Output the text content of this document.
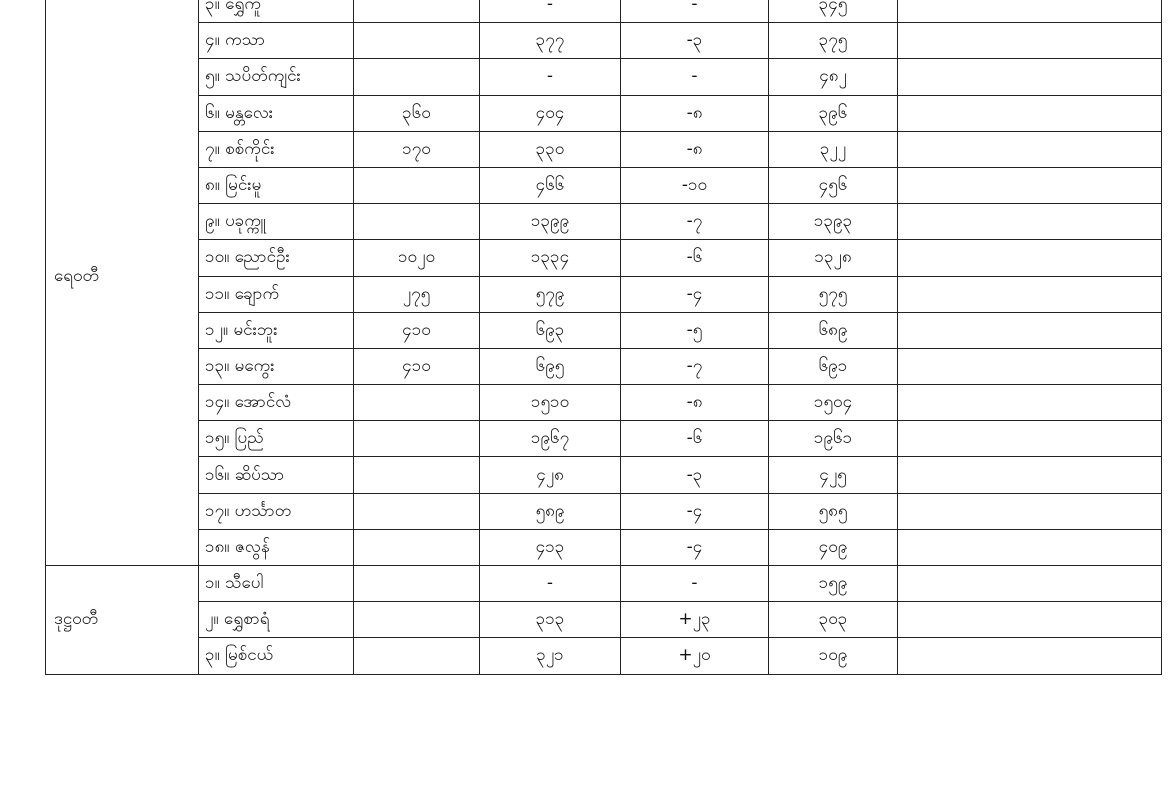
ရေဝတီ	၃။ ရွှေကူ		-	-	၃၄၅	
	၄။ ကသာ		၃၇၇	-၃	၃၇၅	
	၅။ သပိတ်ကျင်း		-	-	၄၈၂	
	၆။ မန္တလေး	၃၆၀	၄၀၄	-၈	၃၉၆	
	၇။ စစ်ကိုင်း	၁၇၀	၃၃၀	-၈	၃၂၂	
	၈။ မြင်းမူ		၄၆၆	-၁၀	၄၅၆	
	၉။ ပခုက္ကူ		၁၃၉၉	-၇	၁၃၉၃	
	၁၀။ ညောင်ဦး	၁၀၂၀	၁၃၃၄	-၆	၁၃၂၈	
	၁၁။ ချောက်	၂၇၅	၅၇၉	-၄	၅၇၅	
	၁၂။ မင်းဘူး	၄၁၀	၆၉၃	-၅	၆၈၉	
	၁၃။ မကွေး	၄၁၀	၆၉၅	-၇	၆၉၁	
	၁၄။ အောင်လံ		၁၅၁၀	-၈	၁၅၀၄	
	၁၅။ ပြည်		၁၉၆၇	-၆	၁၉၆၁	
	၁၆။ ဆိပ်သာ		၄၂၈	-၃	၄၂၅	
	၁၇။ ဟင်္သာတ		၅၈၉	-၄	၅၈၅	
	၁၈။ ဇလွန်		၄၁၃	-၄	၄၀၉	
ဒုဋ္ဌဝတီ	၁။ သီပေါ		-	-	၁၅၉	
	၂။ ရွှေစာရံ		၃၁၃	+၂၃	၃၀၃	
	၃။ မြစ်ငယ်		၃၂၁	+၂၀	၁၀၉	
